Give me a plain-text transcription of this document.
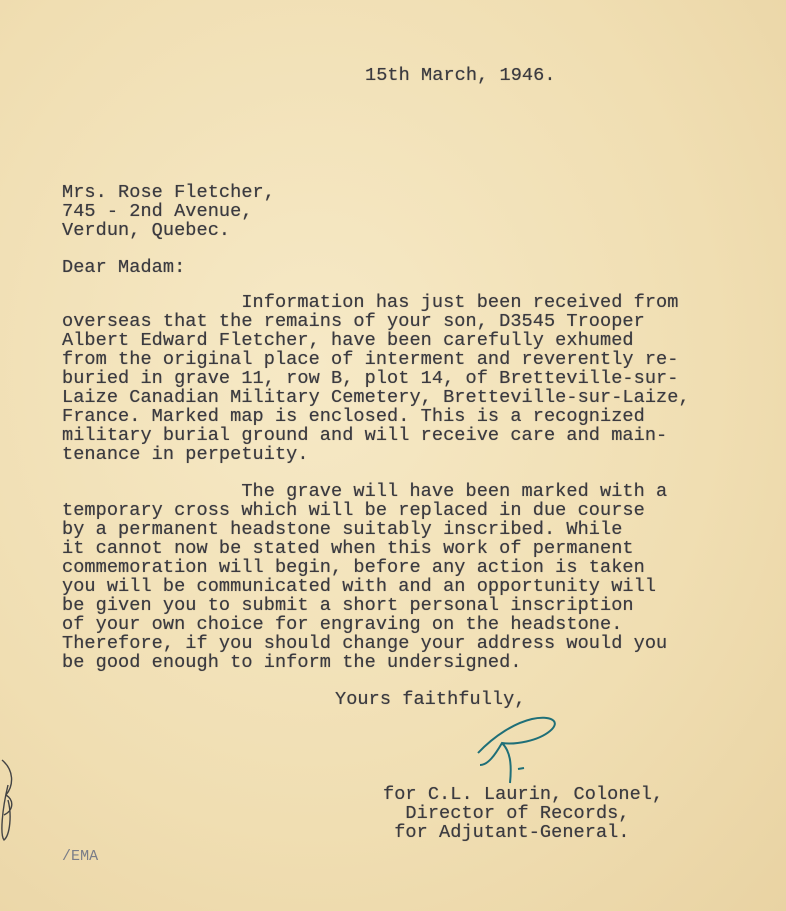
15th March, 1946.
Mrs. Rose Fletcher,
745 - 2nd Avenue,
Verdun, Quebec.
Dear Madam:
Information has just been received from
overseas that the remains of your son, D3545 Trooper
Albert Edward Fletcher, have been carefully exhumed
from the original place of interment and reverently re-
buried in grave 11, row B, plot 14, of Bretteville-sur-
Laize Canadian Military Cemetery, Bretteville-sur-Laize,
France. Marked map is enclosed. This is a recognized
military burial ground and will receive care and main-
tenance in perpetuity.
The grave will have been marked with a
temporary cross which will be replaced in due course
by a permanent headstone suitably inscribed. While
it cannot now be stated when this work of permanent
commemoration will begin, before any action is taken
you will be communicated with and an opportunity will
be given you to submit a short personal inscription
of your own choice for engraving on the headstone.
Therefore, if you should change your address would you
be good enough to inform the undersigned.
Yours faithfully,
for C.L. Laurin, Colonel,
Director of Records,
for Adjutant-General.
/EMA
